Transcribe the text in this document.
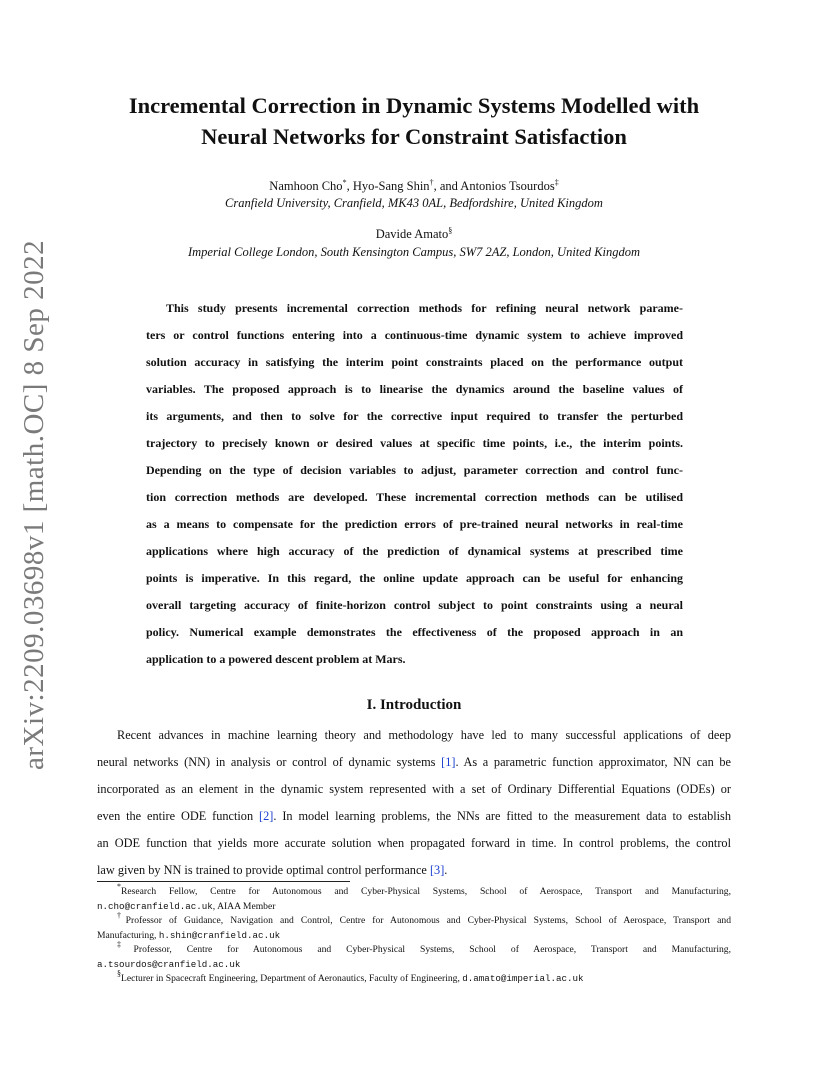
arXiv:2209.03698v1 [math.OC] 8 Sep 2022
Incremental Correction in Dynamic Systems Modelled with
Neural Networks for Constraint Satisfaction
Namhoon Cho*, Hyo-Sang Shin†, and Antonios Tsourdos‡
Cranfield University, Cranfield, MK43 0AL, Bedfordshire, United Kingdom
Davide Amato§
Imperial College London, South Kensington Campus, SW7 2AZ, London, United Kingdom
This study presents incremental correction methods for refining neural network parame-
ters or control functions entering into a continuous-time dynamic system to achieve improved
solution accuracy in satisfying the interim point constraints placed on the performance output
variables. The proposed approach is to linearise the dynamics around the baseline values of
its arguments, and then to solve for the corrective input required to transfer the perturbed
trajectory to precisely known or desired values at specific time points, i.e., the interim points.
Depending on the type of decision variables to adjust, parameter correction and control func-
tion correction methods are developed. These incremental correction methods can be utilised
as a means to compensate for the prediction errors of pre-trained neural networks in real-time
applications where high accuracy of the prediction of dynamical systems at prescribed time
points is imperative. In this regard, the online update approach can be useful for enhancing
overall targeting accuracy of finite-horizon control subject to point constraints using a neural
policy. Numerical example demonstrates the effectiveness of the proposed approach in an
application to a powered descent problem at Mars.
I. Introduction
Recent advances in machine learning theory and methodology have led to many successful applications of deep
neural networks (NN) in analysis or control of dynamic systems [1]. As a parametric function approximator, NN can be
incorporated as an element in the dynamic system represented with a set of Ordinary Differential Equations (ODEs) or
even the entire ODE function [2]. In model learning problems, the NNs are fitted to the measurement data to establish
an ODE function that yields more accurate solution when propagated forward in time. In control problems, the control
law given by NN is trained to provide optimal control performance [3].
*Research Fellow, Centre for Autonomous and Cyber-Physical Systems, School of Aerospace, Transport and Manufacturing,
n.cho@cranfield.ac.uk, AIAA Member
†Professor of Guidance, Navigation and Control, Centre for Autonomous and Cyber-Physical Systems, School of Aerospace, Transport and
Manufacturing, h.shin@cranfield.ac.uk
‡Professor, Centre for Autonomous and Cyber-Physical Systems, School of Aerospace, Transport and Manufacturing,
a.tsourdos@cranfield.ac.uk
§Lecturer in Spacecraft Engineering, Department of Aeronautics, Faculty of Engineering, d.amato@imperial.ac.uk
